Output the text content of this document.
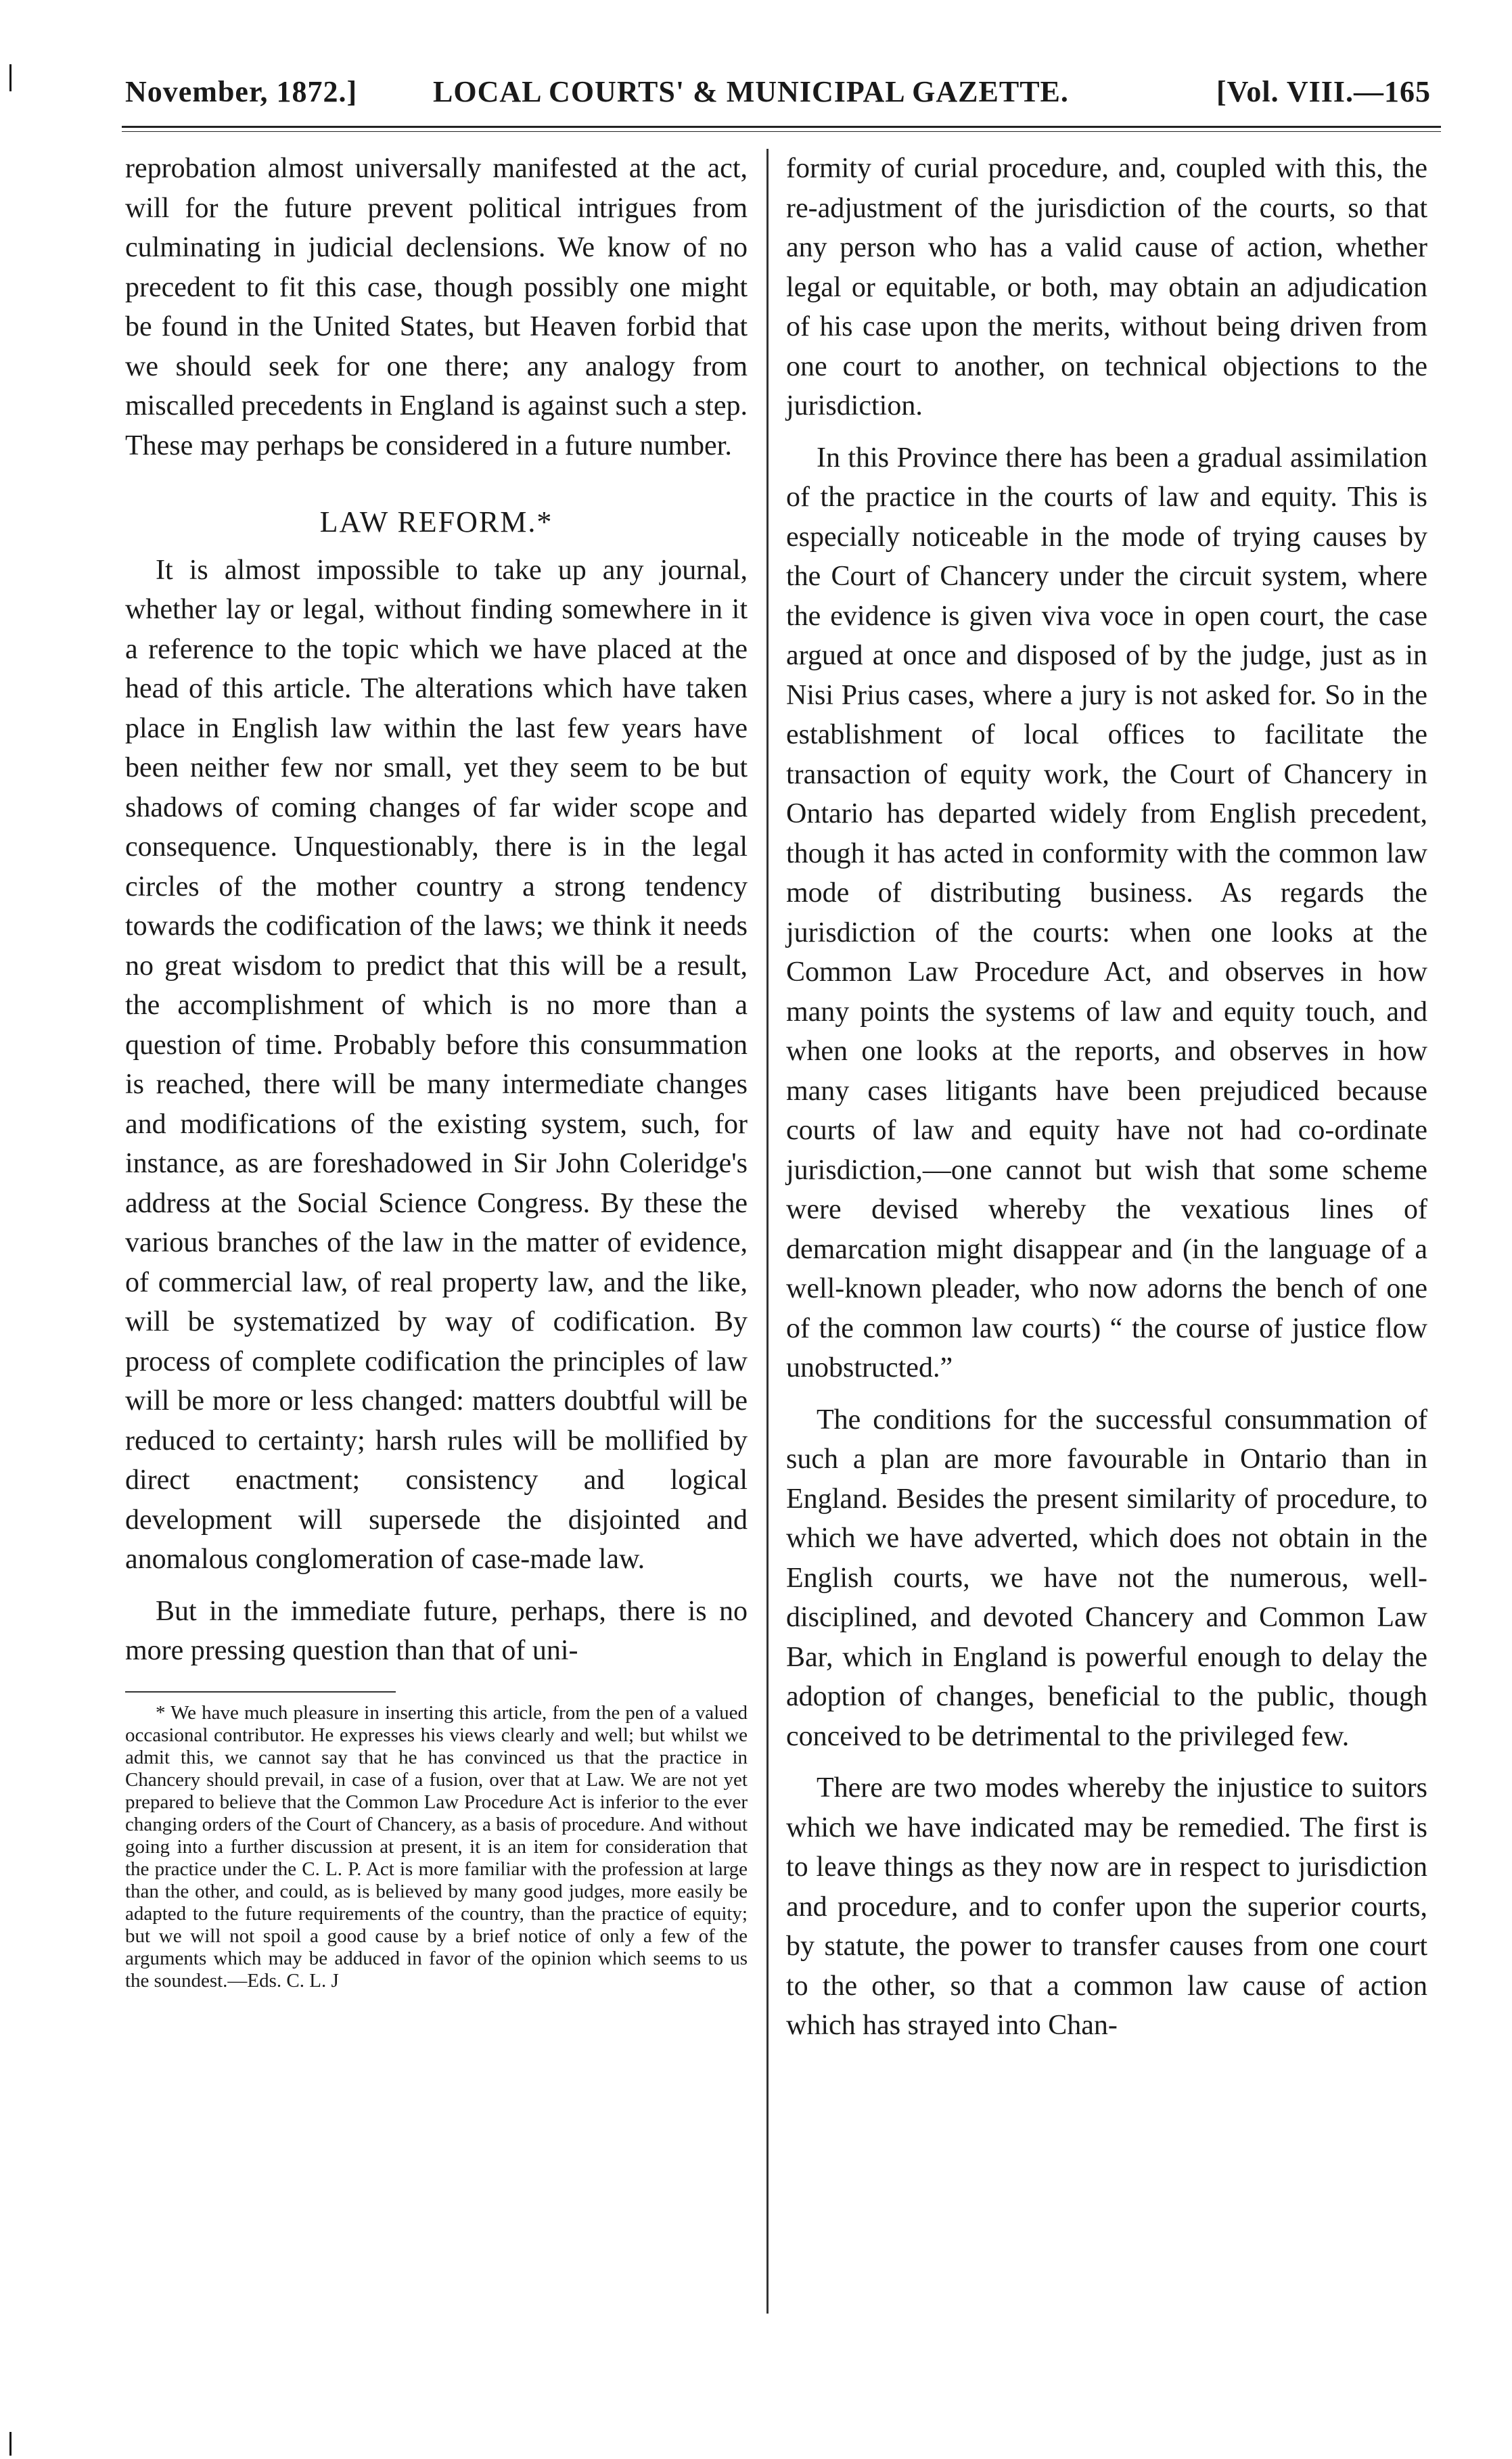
November, 1872.]	LOCAL COURTS' & MUNICIPAL GAZETTE.	[Vol. VIII.—165

reprobation almost universally manifested at the act, will for the future prevent political intrigues from culminating in judicial declensions. We know of no precedent to fit this case, though possibly one might be found in the United States, but Heaven forbid that we should seek for one there; any analogy from miscalled precedents in England is against such a step. These may perhaps be considered in a future number.

LAW REFORM.*

It is almost impossible to take up any journal, whether lay or legal, without finding somewhere in it a reference to the topic which we have placed at the head of this article. The alterations which have taken place in English law within the last few years have been neither few nor small, yet they seem to be but shadows of coming changes of far wider scope and consequence. Unquestionably, there is in the legal circles of the mother country a strong tendency towards the codification of the laws; we think it needs no great wisdom to predict that this will be a result, the accomplishment of which is no more than a question of time. Probably before this consummation is reached, there will be many intermediate changes and modifications of the existing system, such, for instance, as are foreshadowed in Sir John Coleridge's address at the Social Science Congress. By these the various branches of the law in the matter of evidence, of commercial law, of real property law, and the like, will be systematized by way of codification. By process of complete codification the principles of law will be more or less changed: matters doubtful will be reduced to certainty; harsh rules will be mollified by direct enactment; consistency and logical development will supersede the disjointed and anomalous conglomeration of case-made law.

But in the immediate future, perhaps, there is no more pressing question than that of uni-

* We have much pleasure in inserting this article, from the pen of a valued occasional contributor. He expresses his views clearly and well; but whilst we admit this, we cannot say that he has convinced us that the practice in Chancery should prevail, in case of a fusion, over that at Law. We are not yet prepared to believe that the Common Law Procedure Act is inferior to the ever changing orders of the Court of Chancery, as a basis of procedure. And without going into a further discussion at present, it is an item for consideration that the practice under the C. L. P. Act is more familiar with the profession at large than the other, and could, as is believed by many good judges, more easily be adapted to the future requirements of the country, than the practice of equity; but we will not spoil a good cause by a brief notice of only a few of the arguments which may be adduced in favor of the opinion which seems to us the soundest.—Eds. C. L. J

formity of curial procedure, and, coupled with this, the re-adjustment of the jurisdiction of the courts, so that any person who has a valid cause of action, whether legal or equitable, or both, may obtain an adjudication of his case upon the merits, without being driven from one court to another, on technical objections to the jurisdiction.

In this Province there has been a gradual assimilation of the practice in the courts of law and equity. This is especially noticeable in the mode of trying causes by the Court of Chancery under the circuit system, where the evidence is given viva voce in open court, the case argued at once and disposed of by the judge, just as in Nisi Prius cases, where a jury is not asked for. So in the establishment of local offices to facilitate the transaction of equity work, the Court of Chancery in Ontario has departed widely from English precedent, though it has acted in conformity with the common law mode of distributing business. As regards the jurisdiction of the courts: when one looks at the Common Law Procedure Act, and observes in how many points the systems of law and equity touch, and when one looks at the reports, and observes in how many cases litigants have been prejudiced because courts of law and equity have not had co-ordinate jurisdiction,—one cannot but wish that some scheme were devised whereby the vexatious lines of demarcation might disappear and (in the language of a well-known pleader, who now adorns the bench of one of the common law courts) “ the course of justice flow unobstructed.”

The conditions for the successful consummation of such a plan are more favourable in Ontario than in England. Besides the present similarity of procedure, to which we have adverted, which does not obtain in the English courts, we have not the numerous, well-disciplined, and devoted Chancery and Common Law Bar, which in England is powerful enough to delay the adoption of changes, beneficial to the public, though conceived to be detrimental to the privileged few.

There are two modes whereby the injustice to suitors which we have indicated may be remedied. The first is to leave things as they now are in respect to jurisdiction and procedure, and to confer upon the superior courts, by statute, the power to transfer causes from one court to the other, so that a common law cause of action which has strayed into Chan-
